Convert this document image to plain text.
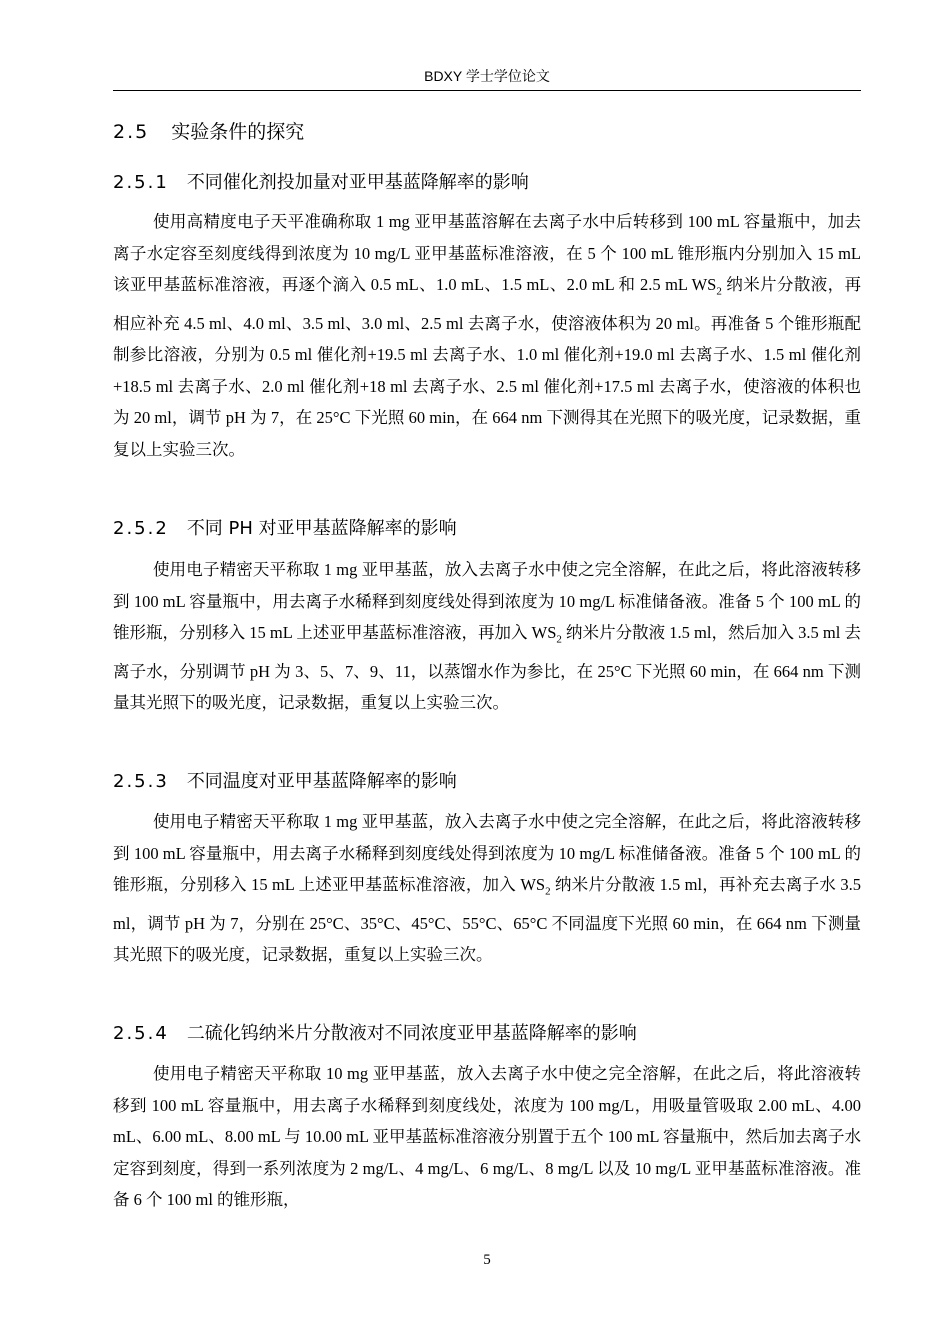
BDXY 学士学位论文
2.5 实验条件的探究
2.5.1 不同催化剂投加量对亚甲基蓝降解率的影响

使用高精度电子天平准确称取 1 mg 亚甲基蓝溶解在去离子水中后转移到 100 mL 容量瓶中，加去离子水定容至刻度线得到浓度为 10 mg/L 亚甲基蓝标准溶液，在 5 个 100 mL 锥形瓶内分别加入 15 mL 该亚甲基蓝标准溶液，再逐个滴入 0.5 mL、1.0 mL、1.5 mL、2.0 mL 和 2.5 mL $WS_2$ 纳米片分散液，再相应补充 4.5 ml、4.0 ml、3.5 ml、3.0 ml、2.5 ml 去离子水，使溶液体积为 20 ml。再准备 5 个锥形瓶配制参比溶液，分别为 0.5 ml 催化剂+19.5 ml 去离子水、1.0 ml 催化剂+19.0 ml 去离子水、1.5 ml 催化剂+18.5 ml 去离子水、2.0 ml 催化剂+18 ml 去离子水、2.5 ml 催化剂+17.5 ml 去离子水，使溶液的体积也为 20 ml，调节 pH 为 7，在 25°C 下光照 60 min，在 664 nm 下测得其在光照下的吸光度，记录数据，重复以上实验三次。

2.5.2 不同 PH 对亚甲基蓝降解率的影响

使用电子精密天平称取 1 mg 亚甲基蓝，放入去离子水中使之完全溶解，在此之后，将此溶液转移到 100 mL 容量瓶中，用去离子水稀释到刻度线处得到浓度为 10 mg/L 标准储备液。准备 5 个 100 mL 的锥形瓶，分别移入 15 mL 上述亚甲基蓝标准溶液，再加入 $WS_2$ 纳米片分散液 1.5 ml，然后加入 3.5 ml 去离子水，分别调节 pH 为 3、5、7、9、11，以蒸馏水作为参比，在 25°C 下光照 60 min，在 664 nm 下测量其光照下的吸光度，记录数据，重复以上实验三次。

2.5.3 不同温度对亚甲基蓝降解率的影响

使用电子精密天平称取 1 mg 亚甲基蓝，放入去离子水中使之完全溶解，在此之后，将此溶液转移到 100 mL 容量瓶中，用去离子水稀释到刻度线处得到浓度为 10 mg/L 标准储备液。准备 5 个 100 mL 的锥形瓶，分别移入 15 mL 上述亚甲基蓝标准溶液，加入 $WS_2$ 纳米片分散液 1.5 ml，再补充去离子水 3.5 ml，调节 pH 为 7，分别在 25°C、35°C、45°C、55°C、65°C 不同温度下光照 60 min，在 664 nm 下测量其光照下的吸光度，记录数据，重复以上实验三次。

2.5.4 二硫化钨纳米片分散液对不同浓度亚甲基蓝降解率的影响

使用电子精密天平称取 10 mg 亚甲基蓝，放入去离子水中使之完全溶解，在此之后，将此溶液转移到 100 mL 容量瓶中，用去离子水稀释到刻度线处，浓度为 100 mg/L，用吸量管吸取 2.00 mL、4.00 mL、6.00 mL、8.00 mL 与 10.00 mL 亚甲基蓝标准溶液分别置于五个 100 mL 容量瓶中，然后加去离子水定容到刻度，得到一系列浓度为 2 mg/L、4 mg/L、6 mg/L、8 mg/L 以及 10 mg/L 亚甲基蓝标准溶液。准备 6 个 100 ml 的锥形瓶，

5
